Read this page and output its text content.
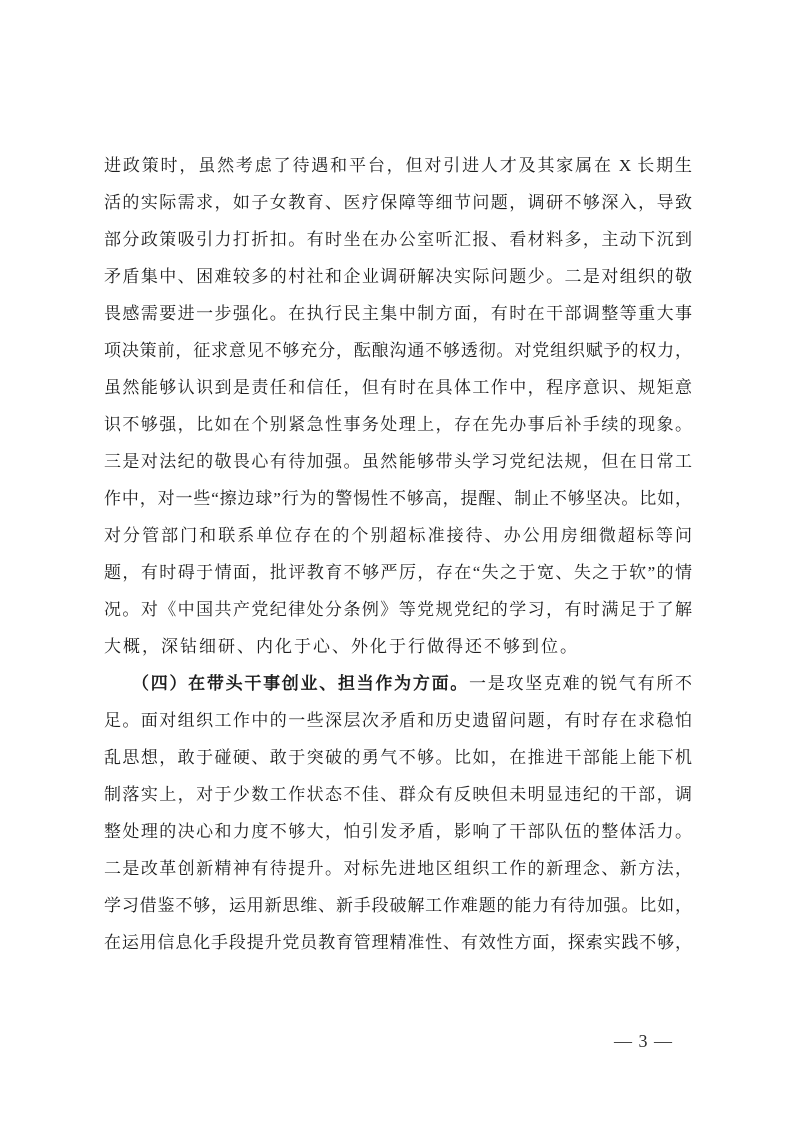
进政策时，虽然考虑了待遇和平台，但对引进人才及其家属在 X 长期生
活的实际需求，如子女教育、医疗保障等细节问题，调研不够深入，导致
部分政策吸引力打折扣。有时坐在办公室听汇报、看材料多，主动下沉到
矛盾集中、困难较多的村社和企业调研解决实际问题少。二是对组织的敬
畏感需要进一步强化。在执行民主集中制方面，有时在干部调整等重大事
项决策前，征求意见不够充分，酝酿沟通不够透彻。对党组织赋予的权力，
虽然能够认识到是责任和信任，但有时在具体工作中，程序意识、规矩意
识不够强，比如在个别紧急性事务处理上，存在先办事后补手续的现象。
三是对法纪的敬畏心有待加强。虽然能够带头学习党纪法规，但在日常工
作中，对一些“擦边球”行为的警惕性不够高，提醒、制止不够坚决。比如，
对分管部门和联系单位存在的个别超标准接待、办公用房细微超标等问
题，有时碍于情面，批评教育不够严厉，存在“失之于宽、失之于软”的情
况。对《中国共产党纪律处分条例》等党规党纪的学习，有时满足于了解
大概，深钻细研、内化于心、外化于行做得还不够到位。
（四）在带头干事创业、担当作为方面。一是攻坚克难的锐气有所不
足。面对组织工作中的一些深层次矛盾和历史遗留问题，有时存在求稳怕
乱思想，敢于碰硬、敢于突破的勇气不够。比如，在推进干部能上能下机
制落实上，对于少数工作状态不佳、群众有反映但未明显违纪的干部，调
整处理的决心和力度不够大，怕引发矛盾，影响了干部队伍的整体活力。
二是改革创新精神有待提升。对标先进地区组织工作的新理念、新方法，
学习借鉴不够，运用新思维、新手段破解工作难题的能力有待加强。比如，
在运用信息化手段提升党员教育管理精准性、有效性方面，探索实践不够，
— 3 —
